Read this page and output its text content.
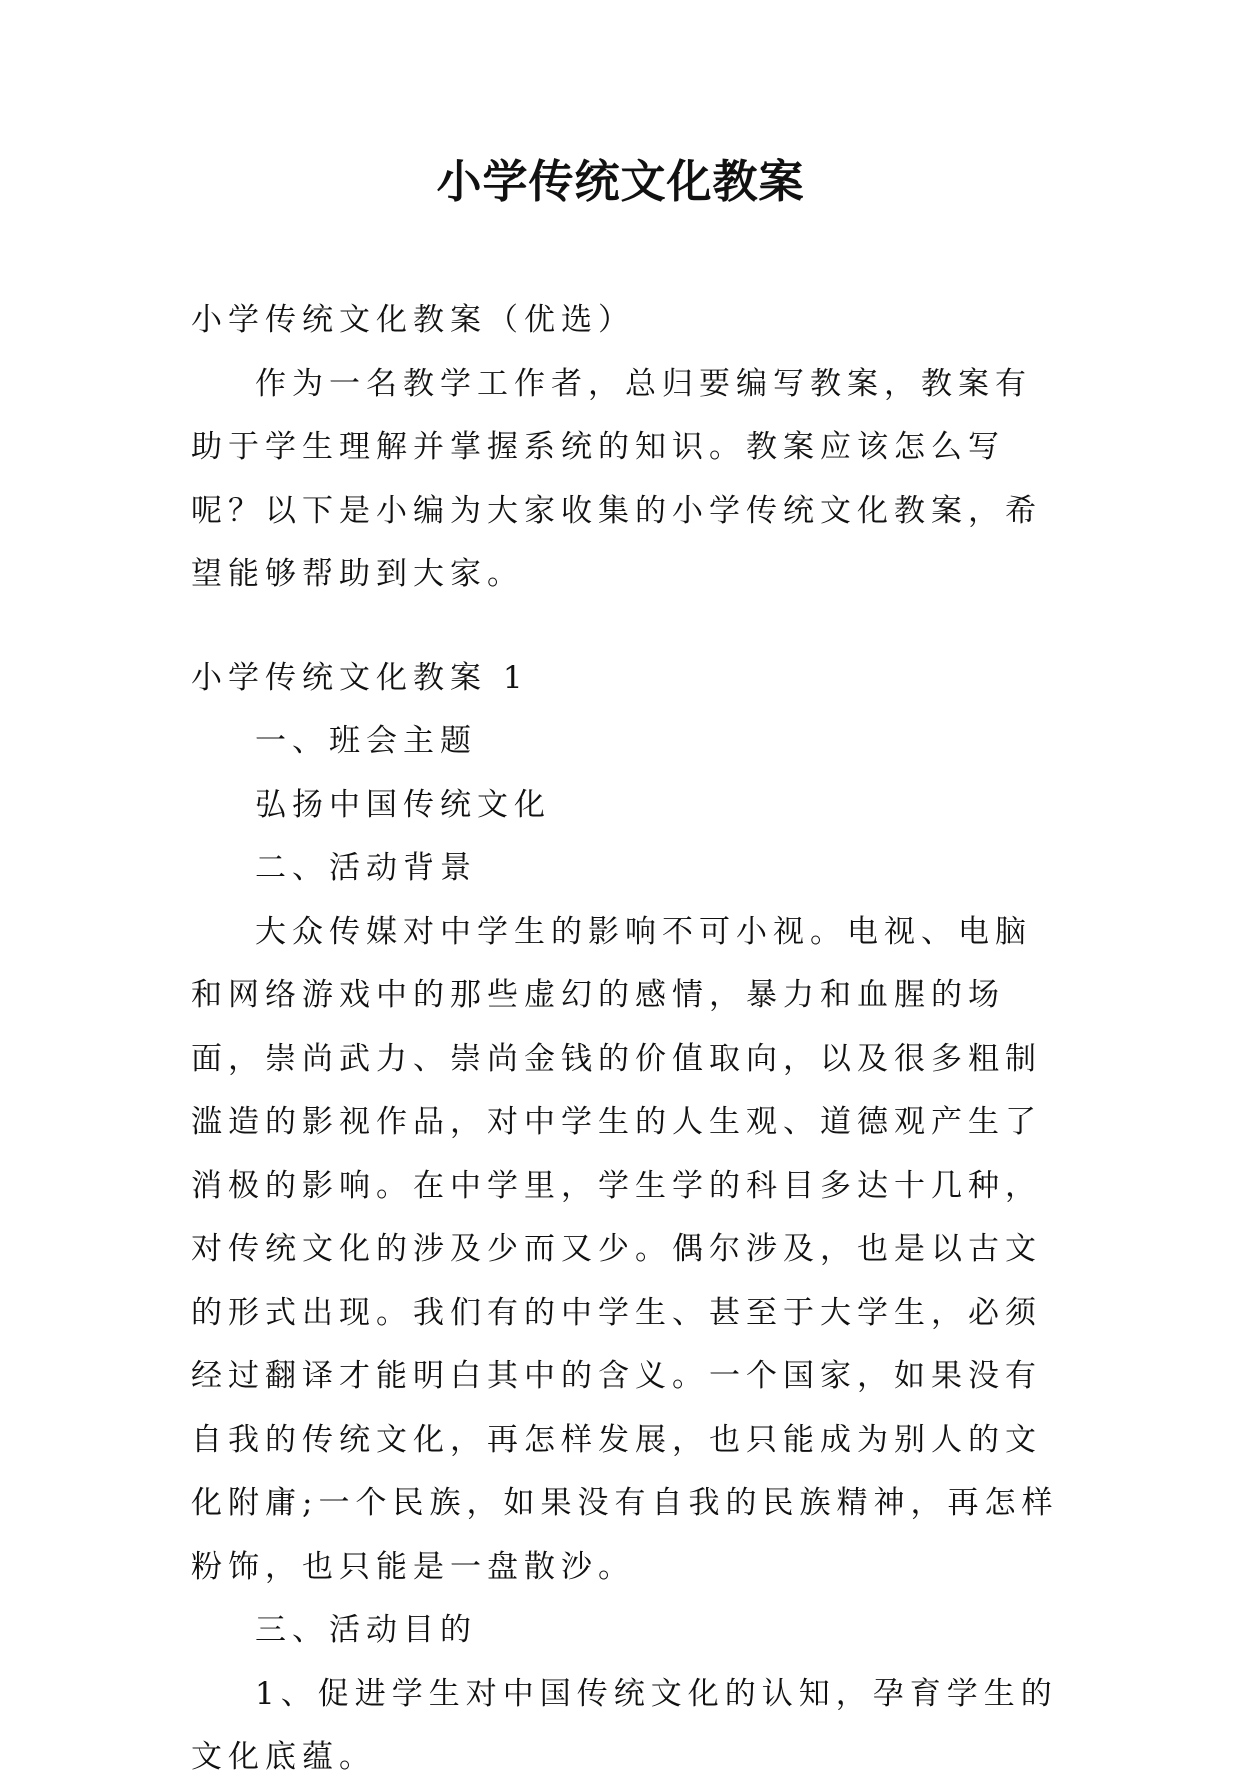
小学传统文化教案

小学传统文化教案（优选）

作为一名教学工作者，总归要编写教案，教案有助于学生理解并掌握系统的知识。教案应该怎么写呢？以下是小编为大家收集的小学传统文化教案，希望能够帮助到大家。

小学传统文化教案 1

一、班会主题

弘扬中国传统文化

二、活动背景

大众传媒对中学生的影响不可小视。电视、电脑和网络游戏中的那些虚幻的感情，暴力和血腥的场面，崇尚武力、崇尚金钱的价值取向，以及很多粗制滥造的影视作品，对中学生的人生观、道德观产生了消极的影响。在中学里，学生学的科目多达十几种，对传统文化的涉及少而又少。偶尔涉及，也是以古文的形式出现。我们有的中学生、甚至于大学生，必须经过翻译才能明白其中的含义。一个国家，如果没有自我的传统文化，再怎样发展，也只能成为别人的文化附庸;一个民族，如果没有自我的民族精神，再怎样粉饰，也只能是一盘散沙。

三、活动目的

1、促进学生对中国传统文化的认知，孕育学生的文化底蕴。
